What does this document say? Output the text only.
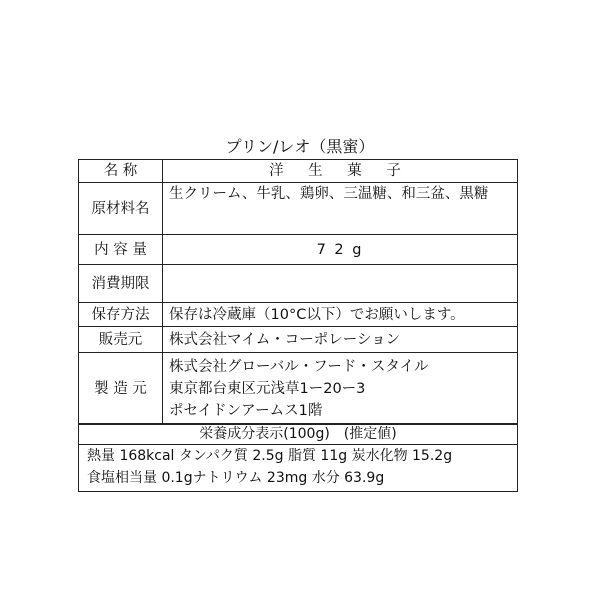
プリン/レオ（黒蜜）
名 称	洋 生 菓 子
原材料名	生クリーム、牛乳、鶏卵、三温糖、和三盆、黒糖
内 容 量	7 2 g
消費期限	
保存方法	保存は冷蔵庫（10°C以下）でお願いします。
販売元	株式会社マイム・コーポレーション
製 造 元	株式会社グローバル・フード・スタイル
東京都台東区元浅草1ー20ー3
ポセイドンアームス1階
栄養成分表示(100g)　(推定値)
熱量 168kcal タンパク質 2.5g 脂質 11g 炭水化物 15.2g
食塩相当量 0.1gナトリウム 23mg 水分 63.9g
